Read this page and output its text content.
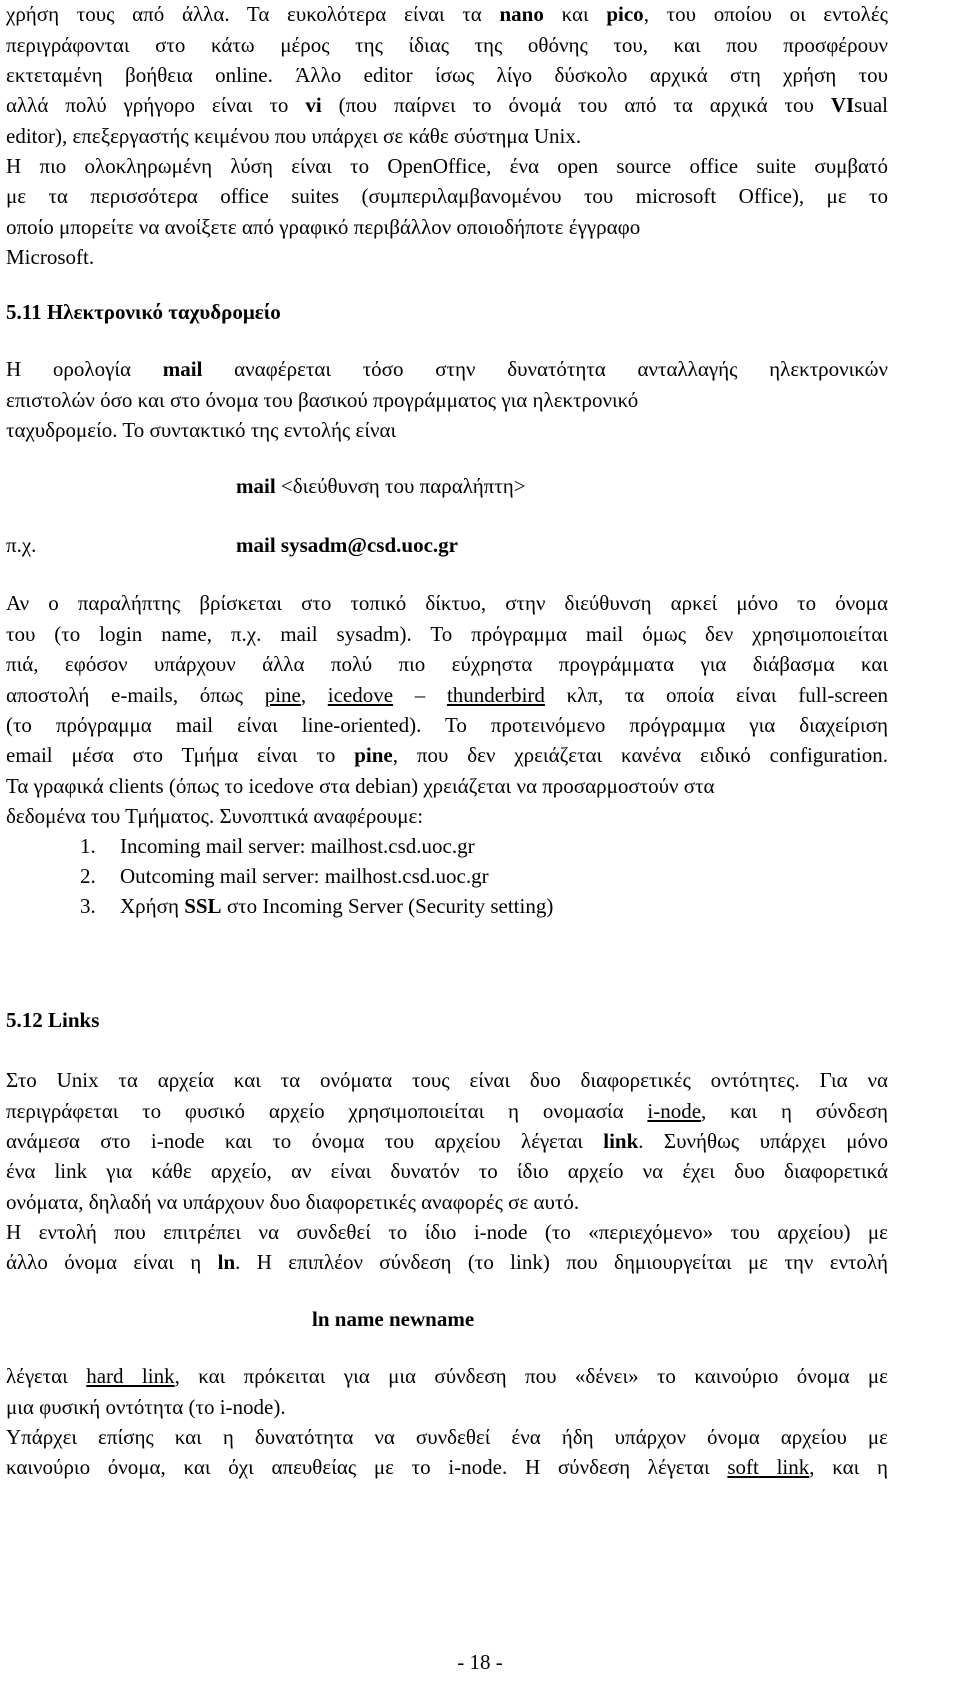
χρήση τους από άλλα. Τα ευκολότερα είναι τα nano και pico, του οποίου οι εντολές
περιγράφονται στο κάτω μέρος της ίδιας της οθόνης του, και που προσφέρουν
εκτεταμένη βοήθεια online. Άλλο editor ίσως λίγο δύσκολο αρχικά στη χρήση του
αλλά πολύ γρήγορο είναι το vi (που παίρνει το όνομά του από τα αρχικά του VIsual
editor), επεξεργαστής κειμένου που υπάρχει σε κάθε σύστημα Unix.
Η πιο ολοκληρωμένη λύση είναι το OpenOffice, ένα open source office suite συμβατό
με τα περισσότερα office suites (συμπεριλαμβανομένου του microsoft Office), με το
οποίο μπορείτε να ανοίξετε από γραφικό περιβάλλον οποιοδήποτε έγγραφο
Microsoft.
5.11 Ηλεκτρονικό ταχυδρομείο
Η ορολογία mail αναφέρεται τόσο στην δυνατότητα ανταλλαγής ηλεκτρονικών
επιστολών όσο και στο όνομα του βασικού προγράμματος για ηλεκτρονικό
ταχυδρομείο. Το συντακτικό της εντολής είναι
mail <διεύθυνση του παραλήπτη>
π.χ.	mail sysadm@csd.uoc.gr
Αν ο παραλήπτης βρίσκεται στο τοπικό δίκτυο, στην διεύθυνση αρκεί μόνο το όνομα
του (το login name, π.χ. mail sysadm). Το πρόγραμμα mail όμως δεν χρησιμοποιείται
πιά, εφόσον υπάρχουν άλλα πολύ πιο εύχρηστα προγράμματα για διάβασμα και
αποστολή e-mails, όπως pine, icedove – thunderbird κλπ, τα οποία είναι full-screen
(το πρόγραμμα mail είναι line-oriented). Το προτεινόμενο πρόγραμμα για διαχείριση
email μέσα στο Τμήμα είναι το pine, που δεν χρειάζεται κανένα ειδικό configuration.
Τα γραφικά clients (όπως το icedove στα debian) χρειάζεται να προσαρμοστούν στα
δεδομένα του Τμήματος. Συνοπτικά αναφέρουμε:
1. Incoming mail server: mailhost.csd.uoc.gr
2. Outcoming mail server: mailhost.csd.uoc.gr
3. Χρήση SSL στο Incoming Server (Security setting)
5.12 Links
Στο Unix τα αρχεία και τα ονόματα τους είναι δυο διαφορετικές οντότητες. Για να
περιγράφεται το φυσικό αρχείο χρησιμοποιείται η ονομασία i-node, και η σύνδεση
ανάμεσα στο i-node και το όνομα του αρχείου λέγεται link. Συνήθως υπάρχει μόνο
ένα link για κάθε αρχείο, αν είναι δυνατόν το ίδιο αρχείο να έχει δυο διαφορετικά
ονόματα, δηλαδή να υπάρχουν δυο διαφορετικές αναφορές σε αυτό.
Η εντολή που επιτρέπει να συνδεθεί το ίδιο i-node (το «περιεχόμενο» του αρχείου) με
άλλο όνομα είναι η ln. Η επιπλέον σύνδεση (το link) που δημιουργείται με την εντολή
ln name newname
λέγεται hard link, και πρόκειται για μια σύνδεση που «δένει» το καινούριο όνομα με
μια φυσική οντότητα (το i-node).
Υπάρχει επίσης και η δυνατότητα να συνδεθεί ένα ήδη υπάρχον όνομα αρχείου με
καινούριο όνομα, και όχι απευθείας με το i-node. Η σύνδεση λέγεται soft link, και η
- 18 -
